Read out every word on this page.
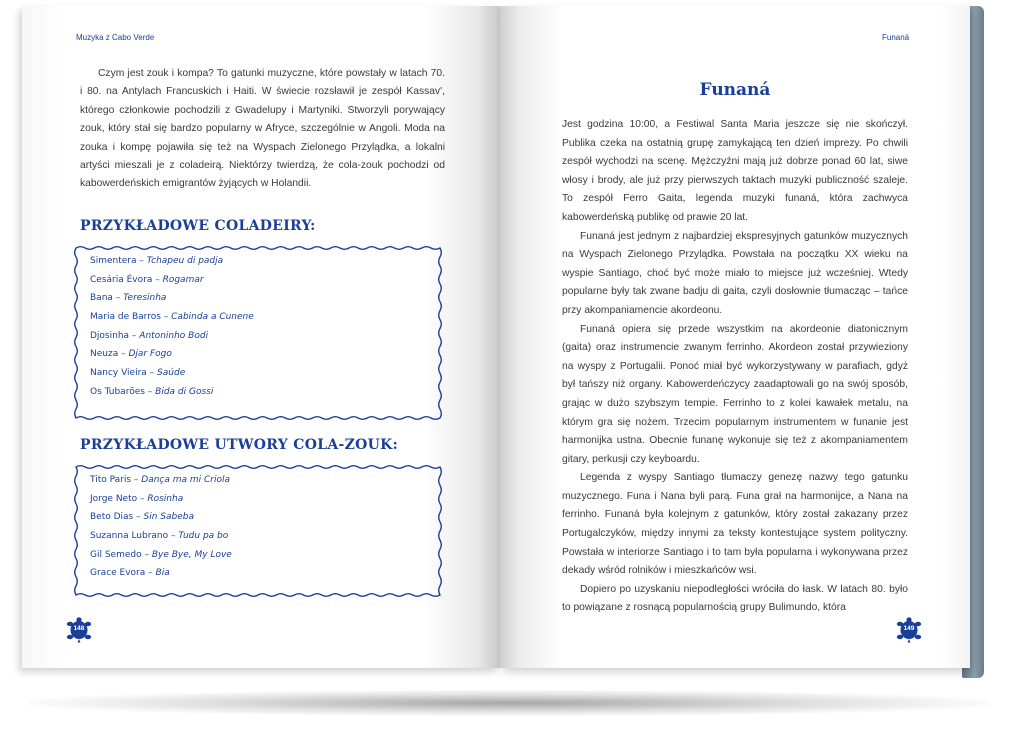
Muzyka z Cabo Verde

Czym jest zouk i kompa? To gatunki muzyczne, które powstały w latach 70. i 80. na Antylach Francuskich i Haiti. W świecie rozsławił je zespół Kassav', którego członkowie pochodzili z Gwadelupy i Martyniki. Stworzyli porywający zouk, który stał się bardzo popularny w Afryce, szczególnie w Angoli. Moda na zouka i kompę pojawiła się też na Wyspach Zielonego Przylądka, a lokalni artyści mieszali je z coladeirą. Niektórzy twierdzą, że cola-zouk pochodzi od kabowerdeńskich emigrantów żyjących w Holandii.

PRZYKŁADOWE COLADEIRY:
Simentera – Tchapeu di padja
Cesária Évora – Rogamar
Bana – Teresinha
Maria de Barros – Cabinda a Cunene
Djosinha – Antoninho Bodi
Neuza – Djar Fogo
Nancy Vieira – Saúde
Os Tubarões – Bida di Gossi
PRZYKŁADOWE UTWORY COLA-ZOUK:
Tito Paris – Dança ma mi Criola
Jorge Neto – Rosinha
Beto Dias – Sin Sabeba
Suzanna Lubrano – Tudu pa bo
Gil Semedo – Bye Bye, My Love
Grace Evora – Bia
148
Funaná
Funaná

Jest godzina 10:00, a Festiwal Santa Maria jeszcze się nie skończył. Publika czeka na ostatnią grupę zamykającą ten dzień imprezy. Po chwili zespół wychodzi na scenę. Mężczyźni mają już dobrze ponad 60 lat, siwe włosy i brody, ale już przy pierwszych taktach muzyki publiczność szaleje. To zespół Ferro Gaita, legenda muzyki funaná, która zachwyca kabowerdeńską publikę od prawie 20 lat.

Funaná jest jednym z najbardziej ekspresyjnych gatunków muzycznych na Wyspach Zielonego Przylądka. Powstała na początku XX wieku na wyspie Santiago, choć być może miało to miejsce już wcześniej. Wtedy popularne były tak zwane badju di gaita, czyli dosłownie tłumacząc – tańce przy akompaniamencie akordeonu.

Funaná opiera się przede wszystkim na akordeonie diatonicznym (gaita) oraz instrumencie zwanym ferrinho. Akordeon został przywieziony na wyspy z Portugalii. Ponoć miał być wykorzystywany w parafiach, gdyż był tańszy niż organy. Kabowerdeńczycy zaadaptowali go na swój sposób, grając w dużo szybszym tempie. Ferrinho to z kolei kawałek metalu, na którym gra się nożem. Trzecim popularnym instrumentem w funanie jest harmonijka ustna. Obecnie funanę wykonuje się też z akompaniamentem gitary, perkusji czy keyboardu.

Legenda z wyspy Santiago tłumaczy genezę nazwy tego gatunku muzycznego. Funa i Nana byli parą. Funa grał na harmonijce, a Nana na ferrinho. Funaná była kolejnym z gatunków, który został zakazany przez Portugalczyków, między innymi za teksty kontestujące system polityczny. Powstała w interiorze Santiago i to tam była popularna i wykonywana przez dekady wśród rolników i mieszkańców wsi.

Dopiero po uzyskaniu niepodległości wróciła do łask. W latach 80. było to powiązane z rosnącą popularnością grupy Bulimundo, która

149
